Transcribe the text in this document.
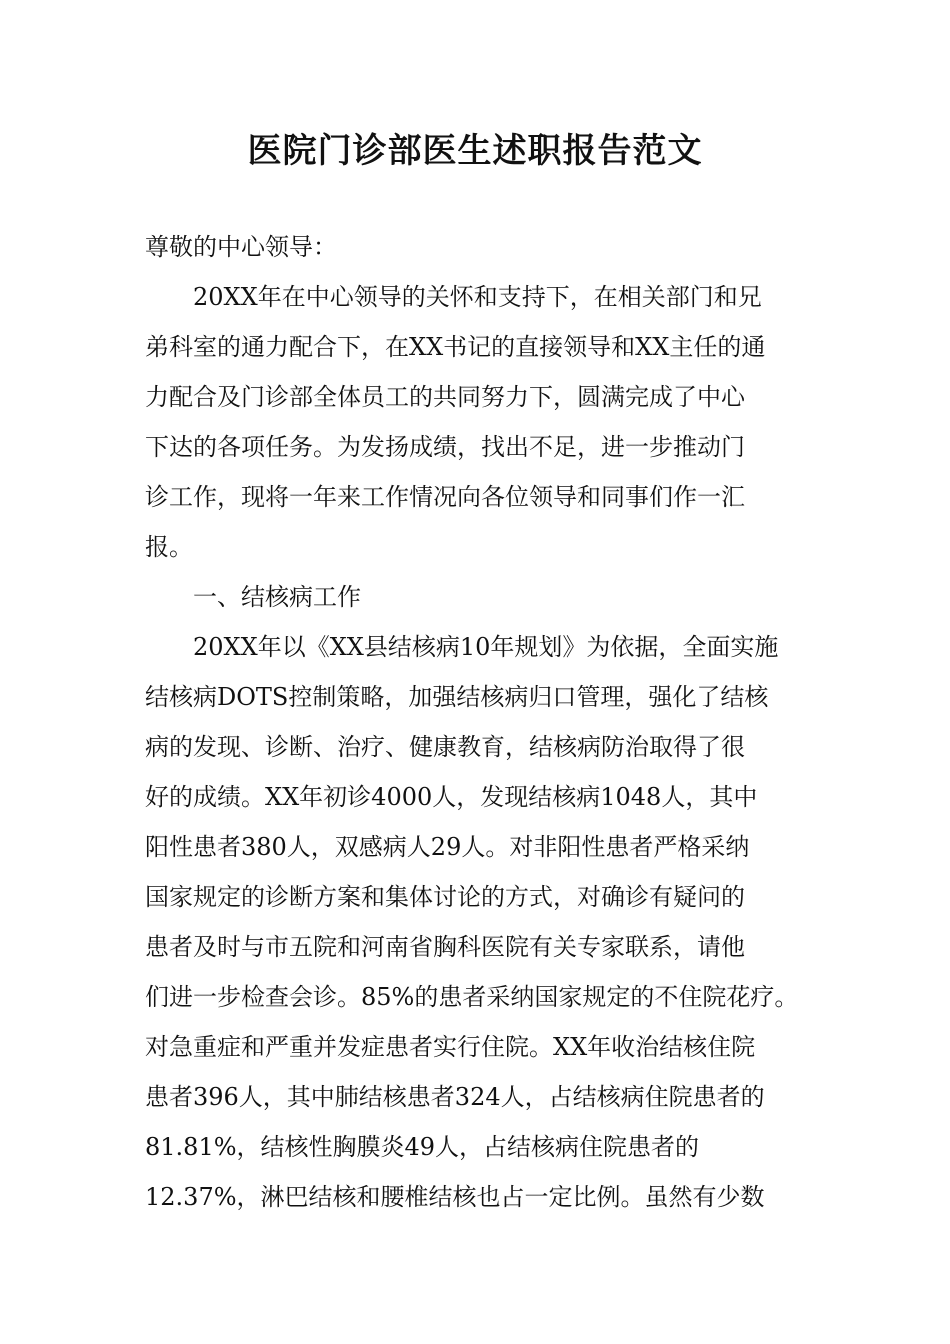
医院门诊部医生述职报告范文
尊敬的中心领导：
20XX年在中心领导的关怀和支持下，在相关部门和兄
弟科室的通力配合下，在XX书记的直接领导和XX主任的通
力配合及门诊部全体员工的共同努力下，圆满完成了中心
下达的各项任务。为发扬成绩，找出不足，进一步推动门
诊工作，现将一年来工作情况向各位领导和同事们作一汇
报。
一、结核病工作
20XX年以《XX县结核病10年规划》为依据，全面实施
结核病DOTS控制策略，加强结核病归口管理，强化了结核
病的发现、诊断、治疗、健康教育，结核病防治取得了很
好的成绩。XX年初诊4000人，发现结核病1048人，其中
阳性患者380人，双感病人29人。对非阳性患者严格采纳
国家规定的诊断方案和集体讨论的方式，对确诊有疑问的
患者及时与市五院和河南省胸科医院有关专家联系，请他
们进一步检查会诊。85%的患者采纳国家规定的不住院花疗。
对急重症和严重并发症患者实行住院。XX年收治结核住院
患者396人，其中肺结核患者324人，占结核病住院患者的
81.81%，结核性胸膜炎49人，占结核病住院患者的
12.37%，淋巴结核和腰椎结核也占一定比例。虽然有少数
